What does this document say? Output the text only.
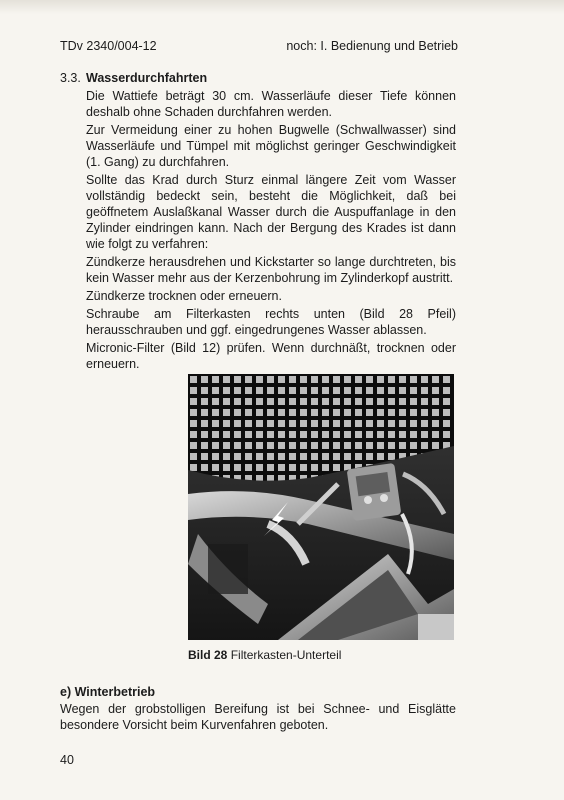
TDv 2340/004-12	noch: I. Bedienung und Betrieb
3.3. Wasserdurchfahrten

Die Wattiefe beträgt 30 cm. Wasserläufe dieser Tiefe können deshalb ohne Schaden durchfahren werden.

Zur Vermeidung einer zu hohen Bugwelle (Schwallwasser) sind Wasserläufe und Tümpel mit möglichst geringer Geschwindigkeit (1. Gang) zu durchfahren.

Sollte das Krad durch Sturz einmal längere Zeit vom Wasser vollständig bedeckt sein, besteht die Möglichkeit, daß bei geöffnetem Auslaßkanal Wasser durch die Auspuffanlage in den Zylinder eindringen kann. Nach der Bergung des Krades ist dann wie folgt zu verfahren:

Zündkerze herausdrehen und Kickstarter so lange durchtreten, bis kein Wasser mehr aus der Kerzenbohrung im Zylinderkopf austritt.

Zündkerze trocknen oder erneuern.

Schraube am Filterkasten rechts unten (Bild 28 Pfeil) herausschrauben und ggf. eingedrungenes Wasser ablassen.

Micronic-Filter (Bild 12) prüfen. Wenn durchnäßt, trocknen oder erneuern.

Bild 28 Filterkasten-Unterteil
e) Winterbetrieb
Wegen der grobstolligen Bereifung ist bei Schnee- und Eisglätte besondere Vorsicht beim Kurvenfahren geboten.
40
